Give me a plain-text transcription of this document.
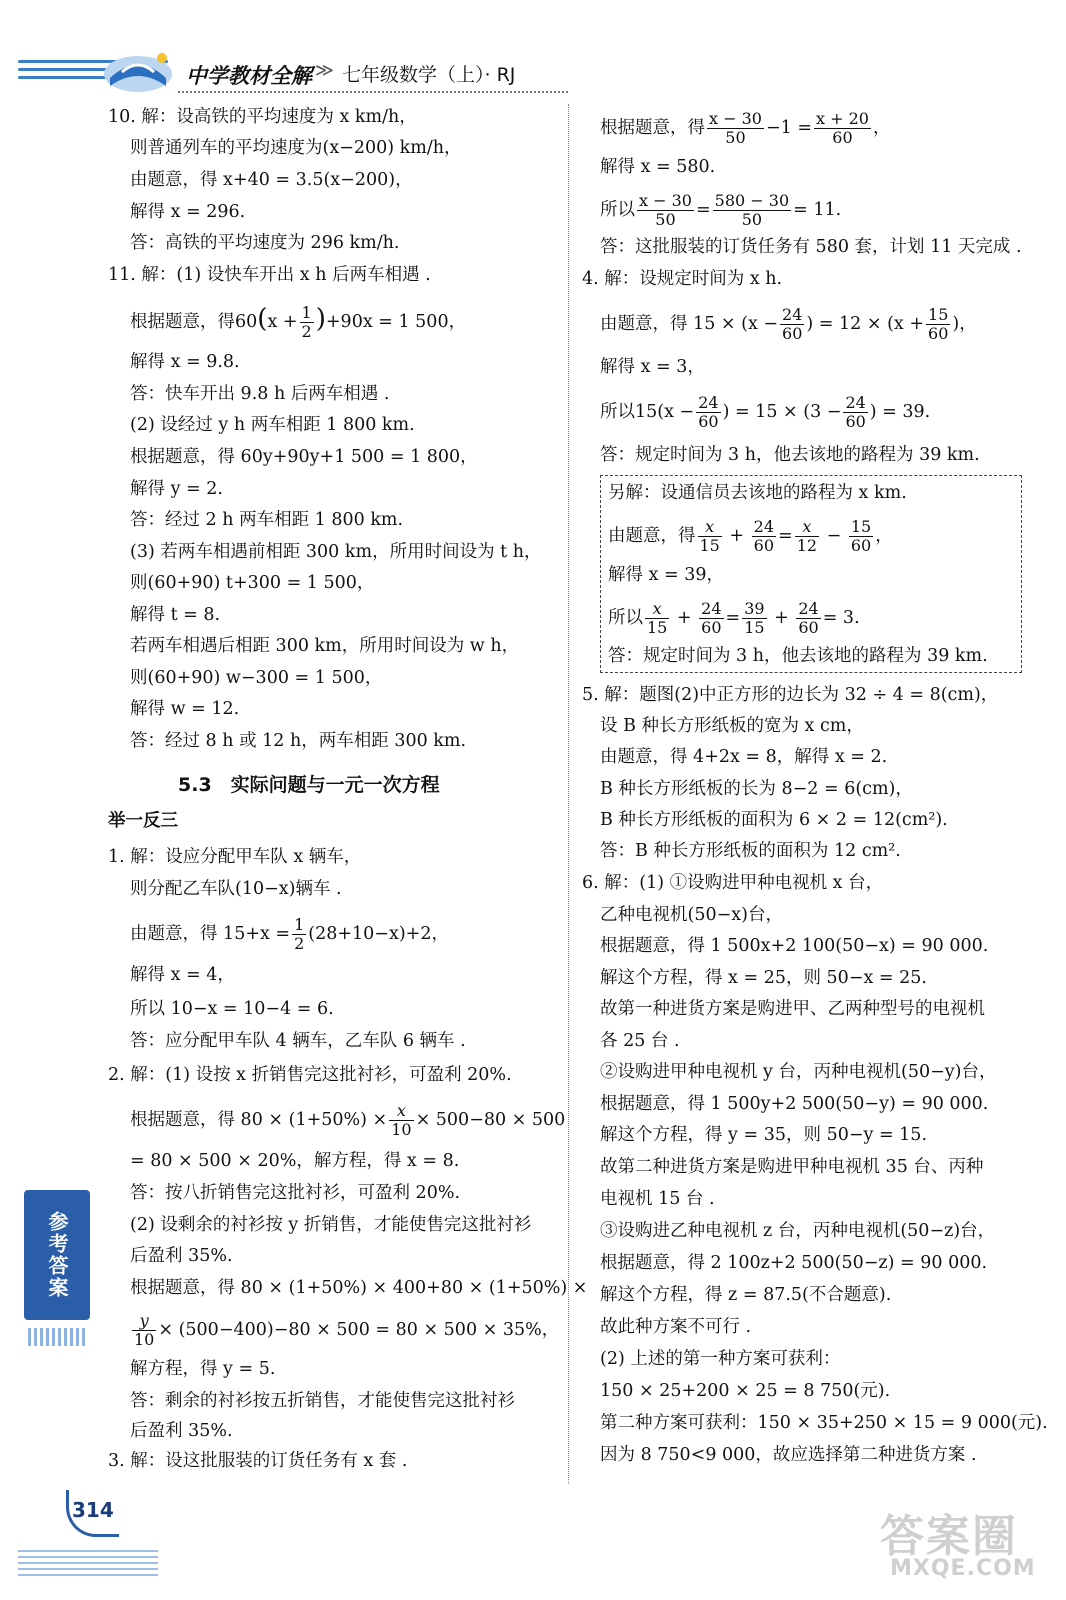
中学教材全解 ≫ 七年级数学（上）· RJ
10. 解：设高铁的平均速度为 x km/h，
则普通列车的平均速度为(x−200) km/h，
由题意，得 x+40 = 3.5(x−200)，
解得 x = 296.
答：高铁的平均速度为 296 km/h.
11. 解：(1) 设快车开出 x h 后两车相遇 .
根据题意，得$60(x + \frac{1}{2} )+90x = 1$ 500，
解得 x = 9.8.
答：快车开出 9.8 h 后两车相遇 .
(2) 设经过 y h 两车相距 1 800 km.
根据题意，得 60y+90y+1 500 = 1 800，
解得 y = 2.
答：经过 2 h 两车相距 1 800 km.
(3) 若两车相遇前相距 300 km，所用时间设为 t h，
则(60+90) t+300 = 1 500，
解得 t = 8.
若两车相遇后相距 300 km，所用时间设为 w h，
则(60+90) w−300 = 1 500，
解得 w = 12.
答：经过 8 h 或 12 h，两车相距 300 km.
5.3　实际问题与一元一次方程
举一反三
1. 解：设应分配甲车队 x 辆车，
则分配乙车队(10−x)辆车 .
由题意，得 $15+x = \frac{1}{2} (28+10-x)+2$，
解得 x = 4，
所以 10−x = 10−4 = 6.
答：应分配甲车队 4 辆车，乙车队 6 辆车 .
2. 解：(1) 设按 x 折销售完这批衬衫，可盈利 20%.
根据题意，得 $80 \times (1+50\%) \times \frac{x}{10} \times 500-80 \times 500$
= 80 × 500 × 20%，解方程，得 x = 8.
答：按八折销售完这批衬衫，可盈利 20%.
(2) 设剩余的衬衫按 y 折销售，才能使售完这批衬衫
后盈利 35%.
根据题意，得 80 × (1+50%) × 400+80 × (1+50%) ×
$\frac{y}{10} \times (500-400)-80 \times 500 = 80 \times 500 \times 35\%$，
解方程，得 y = 5.
答：剩余的衬衫按五折销售，才能使售完这批衬衫
后盈利 35%.
3. 解：设这批服装的订货任务有 x 套 .
根据题意，得 $\frac{x - 30}{50} -1 = \frac{x + 20}{60}$ ，
解得 x = 580.
所以 $\frac{x - 30}{50} = \frac{580 - 30}{50} = 11$.
答：这批服装的订货任务有 580 套，计划 11 天完成 .
4. 解：设规定时间为 x h.
由题意，得 $15 \times (x - \frac{24}{60}$ ) = $12 \times (x + \frac{15}{60}$ )，
解得 x = 3，
所以$15(x - \frac{24}{60}$ ) = $15 \times (3 - \frac{24}{60}$ ) = 39.
答：规定时间为 3 h，他去该地的路程为 39 km.
另解：设通信员去该地的路程为 x km.
由题意，得 $\frac{x}{15} + \frac{24}{60} = \frac{x}{12} - \frac{15}{60}$ ，
解得 x = 39，
所以 $\frac{x}{15} + \frac{24}{60} = \frac{39}{15} + \frac{24}{60} = 3$.
答：规定时间为 3 h，他去该地的路程为 39 km.
5. 解：题图(2)中正方形的边长为 32 ÷ 4 = 8(cm)，
设 B 种长方形纸板的宽为 x cm，
由题意，得 4+2x = 8，解得 x = 2.
B 种长方形纸板的长为 8−2 = 6(cm)，
B 种长方形纸板的面积为 6 × 2 = 12(cm²).
答：B 种长方形纸板的面积为 12 cm².
6. 解：(1) ①设购进甲种电视机 x 台，
乙种电视机(50−x)台，
根据题意，得 1 500x+2 100(50−x) = 90 000.
解这个方程，得 x = 25，则 50−x = 25.
故第一种进货方案是购进甲、乙两种型号的电视机
各 25 台 .
②设购进甲种电视机 y 台，丙种电视机(50−y)台，
根据题意，得 1 500y+2 500(50−y) = 90 000.
解这个方程，得 y = 35，则 50−y = 15.
故第二种进货方案是购进甲种电视机 35 台、丙种
电视机 15 台 .
③设购进乙种电视机 z 台，丙种电视机(50−z)台，
根据题意，得 2 100z+2 500(50−z) = 90 000.
解这个方程，得 z = 87.5(不合题意).
故此种方案不可行 .
(2) 上述的第一种方案可获利：
150 × 25+200 × 25 = 8 750(元).
第二种方案可获利：150 × 35+250 × 15 = 9 000(元).
因为 8 750<9 000，故应选择第二种进货方案 .
参考答案
314
答案圈
MXQE.COM
